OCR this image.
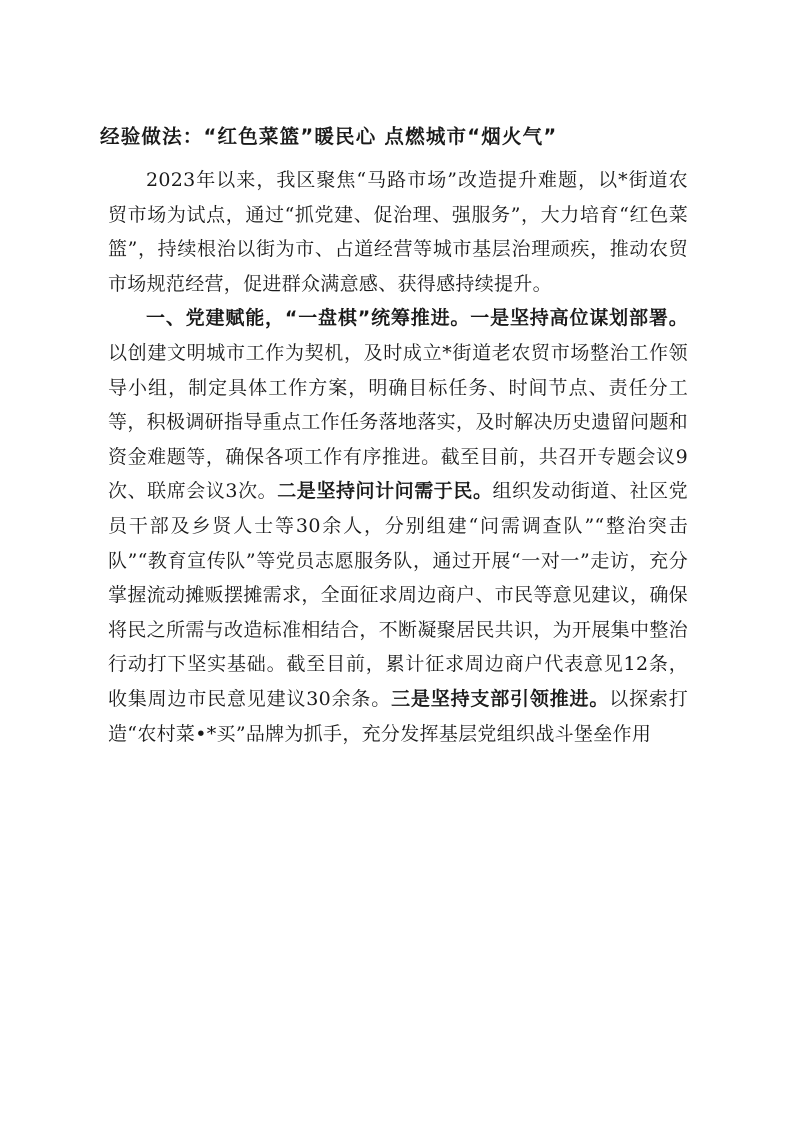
经验做法：“红色菜篮”暖民心 点燃城市“烟火气”

2023年以来，我区聚焦“马路市场”改造提升难题，以*街道农贸市场为试点，通过“抓党建、促治理、强服务”，大力培育“红色菜篮”，持续根治以街为市、占道经营等城市基层治理顽疾，推动农贸市场规范经营，促进群众满意感、获得感持续提升。

一、党建赋能，“一盘棋”统筹推进。一是坚持高位谋划部署。以创建文明城市工作为契机，及时成立*街道老农贸市场整治工作领导小组，制定具体工作方案，明确目标任务、时间节点、责任分工等，积极调研指导重点工作任务落地落实，及时解决历史遗留问题和资金难题等，确保各项工作有序推进。截至目前，共召开专题会议9次、联席会议3次。二是坚持问计问需于民。组织发动街道、社区党员干部及乡贤人士等30余人，分别组建“问需调查队”“整治突击队”“教育宣传队”等党员志愿服务队，通过开展“一对一”走访，充分掌握流动摊贩摆摊需求，全面征求周边商户、市民等意见建议，确保将民之所需与改造标准相结合，不断凝聚居民共识，为开展集中整治行动打下坚实基础。截至目前，累计征求周边商户代表意见12条，收集周边市民意见建议30余条。三是坚持支部引领推进。以探索打造“农村菜•*买”品牌为抓手，充分发挥基层党组织战斗堡垒作用
